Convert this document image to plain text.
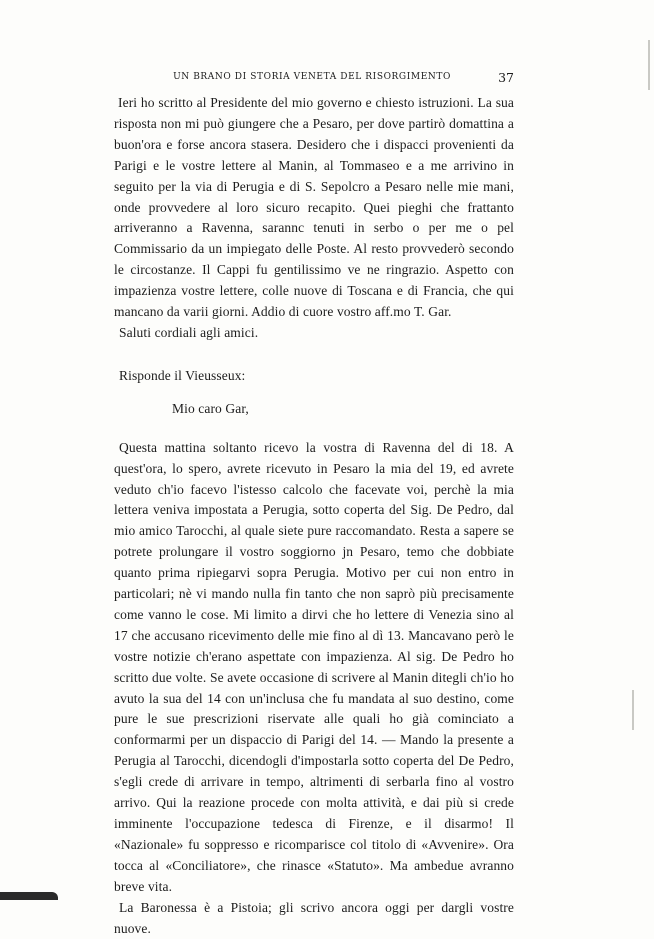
UN BRANO DI STORIA VENETA DEL RISORGIMENTO	37

Ieri ho scritto al Presidente del mio governo e chiesto istruzioni. La sua risposta non mi può giungere che a Pesaro, per dove partirò domattina a buon'ora e forse ancora stasera. Desidero che i dispacci provenienti da Parigi e le vostre lettere al Manin, al Tommaseo e a me arrivino in seguito per la via di Perugia e di S. Sepolcro a Pesaro nelle mie mani, onde provvedere al loro sicuro recapito. Quei pieghi che frattanto arriveranno a Ravenna, sarannc tenuti in serbo o per me o pel Commissario da un impiegato delle Poste. Al resto provvederò secondo le circostanze. Il Cappi fu gentilissimo ve ne ringrazio. Aspetto con impazienza vostre lettere, colle nuove di Toscana e di Francia, che qui mancano da varii giorni. Addio di cuore vostro aff.mo T. Gar.

Saluti cordiali agli amici.

Risponde il Vieusseux:

Mio caro Gar,

Questa mattina soltanto ricevo la vostra di Ravenna del di 18. A quest'ora, lo spero, avrete ricevuto in Pesaro la mia del 19, ed avrete veduto ch'io facevo l'istesso calcolo che facevate voi, perchè la mia lettera veniva impostata a Perugia, sotto coperta del Sig. De Pedro, dal mio amico Tarocchi, al quale siete pure raccomandato. Resta a sapere se potrete prolungare il vostro soggiorno jn Pesaro, temo che dobbiate quanto prima ripiegarvi sopra Perugia. Motivo per cui non entro in particolari; nè vi mando nulla fin tanto che non saprò più precisamente come vanno le cose. Mi limito a dirvi che ho lettere di Venezia sino al 17 che accusano ricevimento delle mie fino al dì 13. Mancavano però le vostre notizie ch'erano aspettate con impazienza. Al sig. De Pedro ho scritto due volte. Se avete occasione di scrivere al Manin ditegli ch'io ho avuto la sua del 14 con un'inclusa che fu mandata al suo destino, come pure le sue prescrizioni riservate alle quali ho già cominciato a conformarmi per un dispaccio di Parigi del 14. — Mando la presente a Perugia al Tarocchi, dicendogli d'impostarla sotto coperta del De Pedro, s'egli crede di arrivare in tempo, altrimenti di serbarla fino al vostro arrivo. Qui la reazione procede con molta attività, e dai più si crede imminente l'occupazione tedesca di Firenze, e il disarmo! Il «Nazionale» fu soppresso e ricomparisce col titolo di «Avvenire». Ora tocca al «Conciliatore», che rinasce «Statuto». Ma ambedue avranno breve vita.

La Baronessa è a Pistoia; gli scrivo ancora oggi per dargli vostre nuove.
